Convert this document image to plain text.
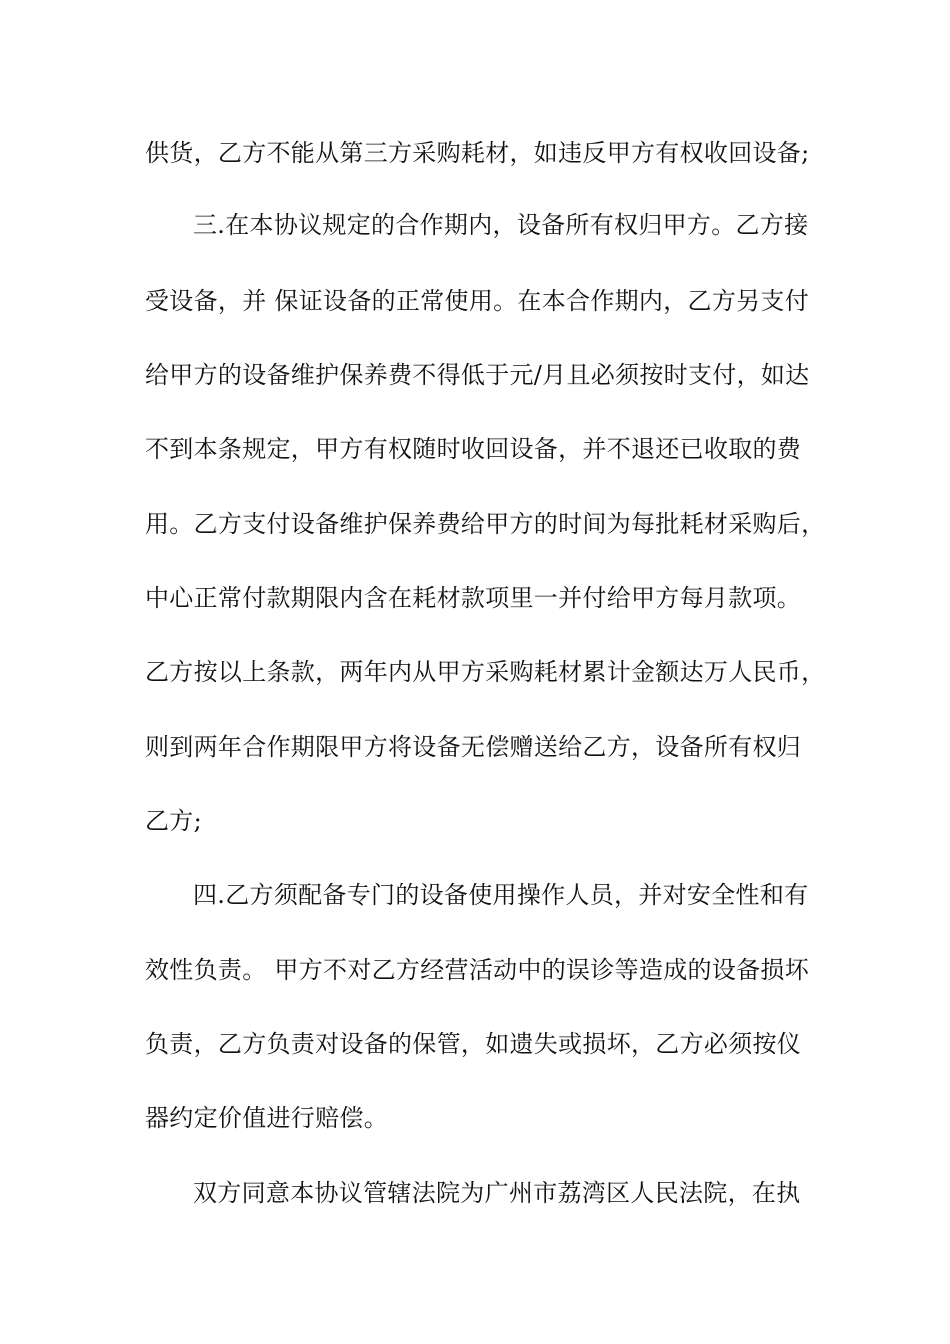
供货，乙方不能从第三方采购耗材，如违反甲方有权收回设备;
三.在本协议规定的合作期内，设备所有权归甲方。乙方接
受设备，并 保证设备的正常使用。在本合作期内，乙方另支付
给甲方的设备维护保养费不得低于元/月且必须按时支付，如达
不到本条规定，甲方有权随时收回设备，并不退还已收取的费
用。乙方支付设备维护保养费给甲方的时间为每批耗材采购后，
中心正常付款期限内含在耗材款项里一并付给甲方每月款项。
乙方按以上条款，两年内从甲方采购耗材累计金额达万人民币，
则到两年合作期限甲方将设备无偿赠送给乙方，设备所有权归
乙方;
四.乙方须配备专门的设备使用操作人员，并对安全性和有
效性负责。 甲方不对乙方经营活动中的误诊等造成的设备损坏
负责，乙方负责对设备的保管，如遗失或损坏，乙方必须按仪
器约定价值进行赔偿。
双方同意本协议管辖法院为广州市荔湾区人民法院，在执
